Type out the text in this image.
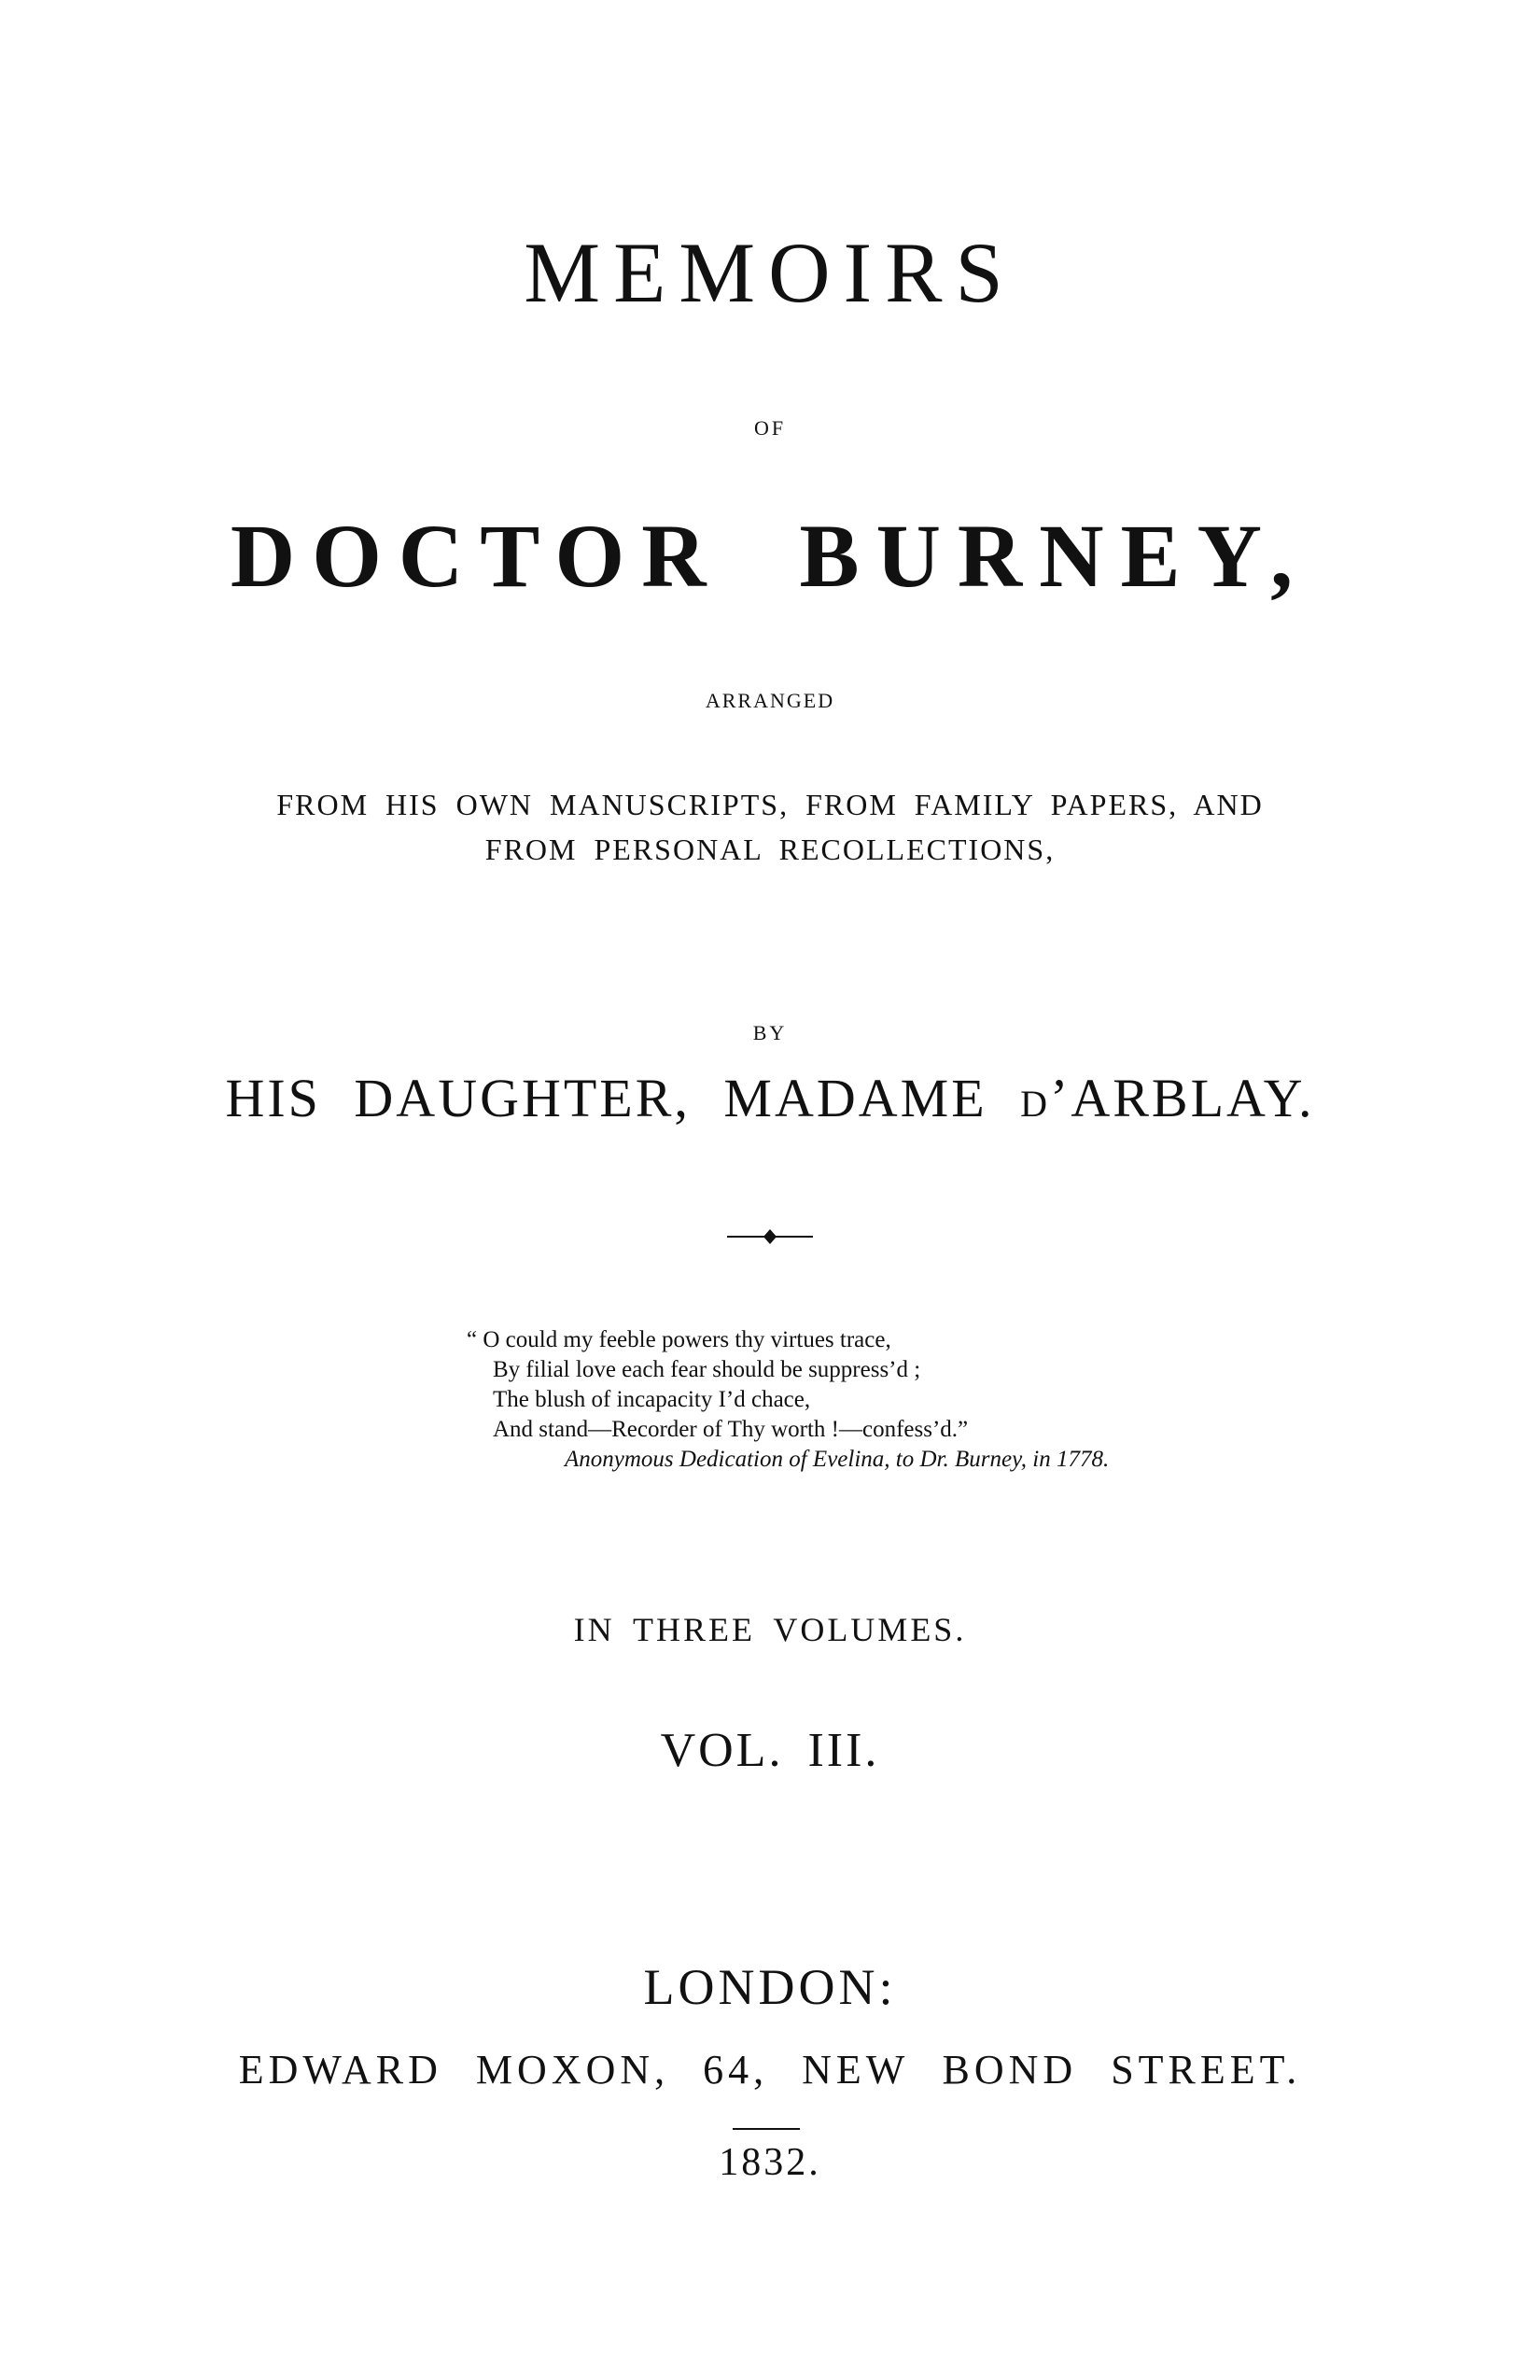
MEMOIRS
OF
DOCTOR BURNEY,
ARRANGED
FROM HIS OWN MANUSCRIPTS, FROM FAMILY PAPERS, AND
FROM PERSONAL RECOLLECTIONS,
BY
HIS DAUGHTER, MADAME D’ARBLAY.
“ O could my feeble powers thy virtues trace,
By filial love each fear should be suppress’d ;
The blush of incapacity I’d chace,
And stand—Recorder of Thy worth !—confess’d.”
Anonymous Dedication of Evelina, to Dr. Burney, in 1778.
IN THREE VOLUMES.
VOL. III.
LONDON:
EDWARD MOXON, 64, NEW BOND STREET.
1832.
